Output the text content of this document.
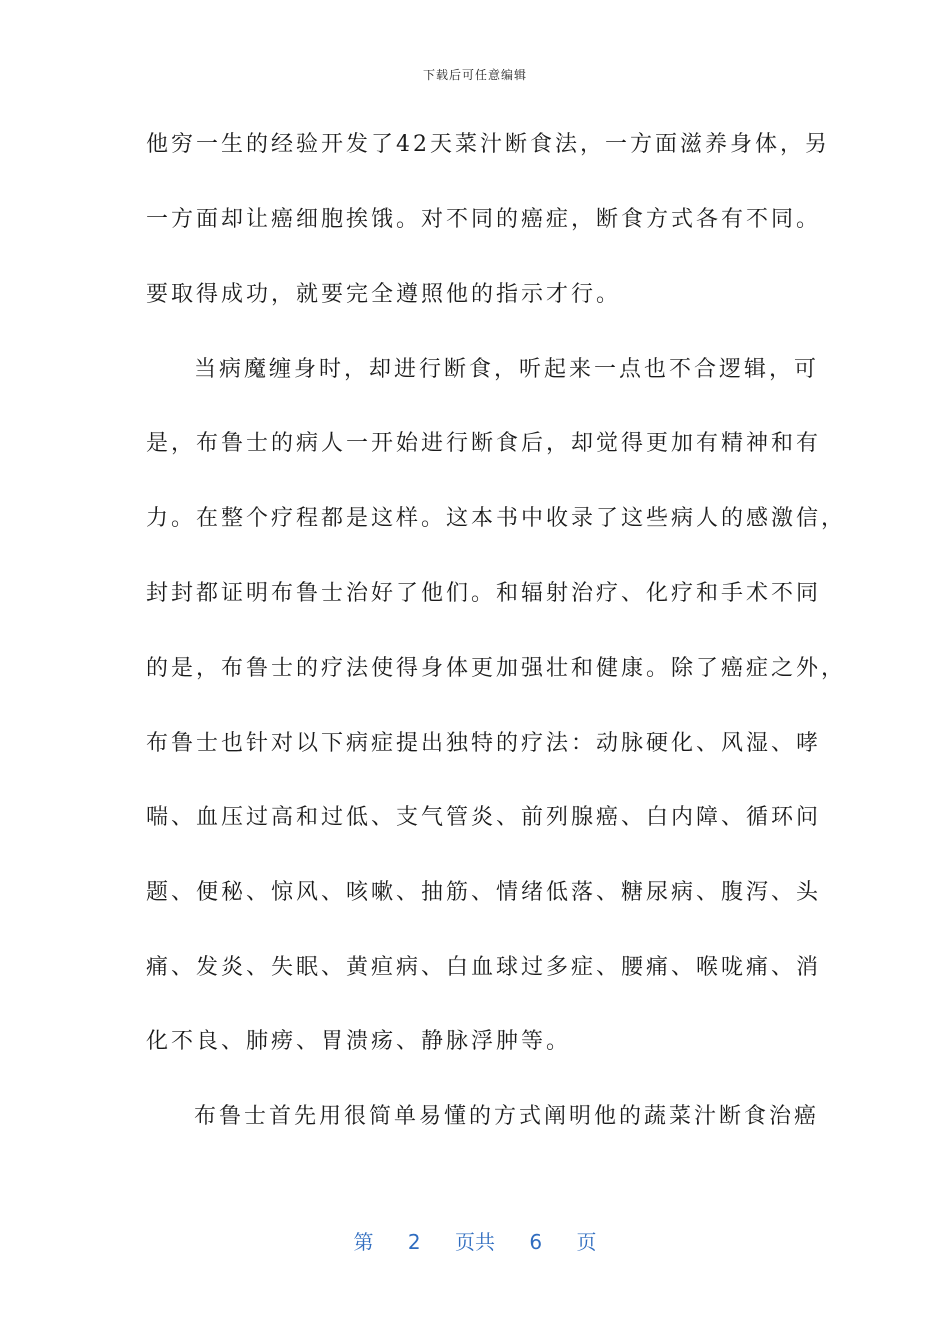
下载后可任意编辑
他穷一生的经验开发了42天菜汁断食法，一方面滋养身体，另
一方面却让癌细胞挨饿。对不同的癌症，断食方式各有不同。
要取得成功，就要完全遵照他的指示才行。
当病魔缠身时，却进行断食，听起来一点也不合逻辑，可
是，布鲁士的病人一开始进行断食后，却觉得更加有精神和有
力。在整个疗程都是这样。这本书中收录了这些病人的感激信，
封封都证明布鲁士治好了他们。和辐射治疗、化疗和手术不同
的是，布鲁士的疗法使得身体更加强壮和健康。除了癌症之外，
布鲁士也针对以下病症提出独特的疗法：动脉硬化、风湿、哮
喘、血压过高和过低、支气管炎、前列腺癌、白内障、循环问
题、便秘、惊风、咳嗽、抽筋、情绪低落、糖尿病、腹泻、头
痛、发炎、失眠、黄疸病、白血球过多症、腰痛、喉咙痛、消
化不良、肺痨、胃溃疡、静脉浮肿等。
布鲁士首先用很简单易懂的方式阐明他的蔬菜汁断食治癌
第 2 页共 6 页
